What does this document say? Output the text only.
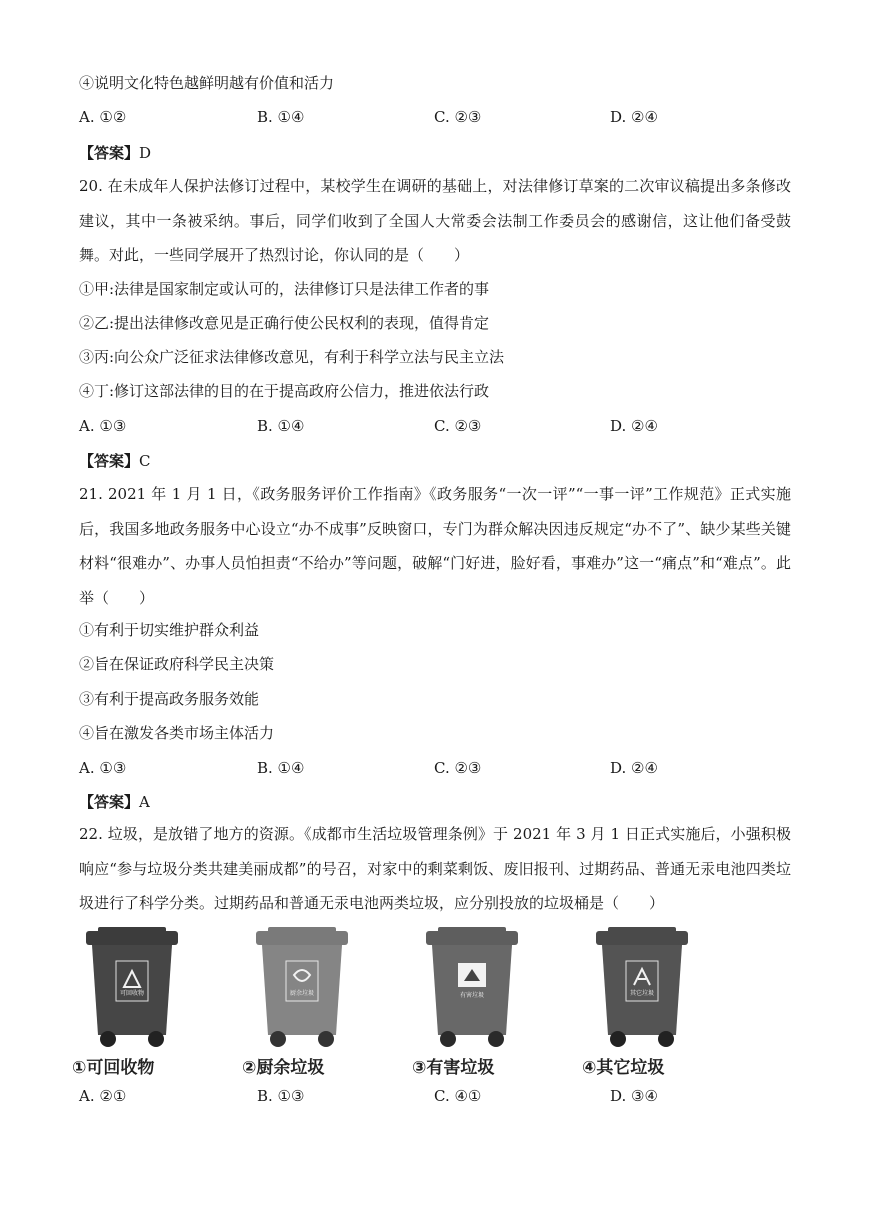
④说明文化特色越鲜明越有价值和活力
A. ①②	B. ①④	C. ②③	D. ②④
【答案】D
20. 在未成年人保护法修订过程中，某校学生在调研的基础上，对法律修订草案的二次审议稿提出多条修改建议，其中一条被采纳。事后，同学们收到了全国人大常委会法制工作委员会的感谢信，这让他们备受鼓舞。对此，一些同学展开了热烈讨论，你认同的是（　　）
①甲:法律是国家制定或认可的，法律修订只是法律工作者的事
②乙:提出法律修改意见是正确行使公民权利的表现，值得肯定
③丙:向公众广泛征求法律修改意见，有利于科学立法与民主立法
④丁:修订这部法律的目的在于提高政府公信力，推进依法行政
A. ①③	B. ①④	C. ②③	D. ②④
【答案】C
21. 2021 年 1 月 1 日，《政务服务评价工作指南》《政务服务“一次一评”“一事一评”工作规范》正式实施后，我国多地政务服务中心设立“办不成事”反映窗口，专门为群众解决因违反规定“办不了”、缺少某些关键材料“很难办”、办事人员怕担责“不给办”等问题，破解“门好进，脸好看，事难办”这一“痛点”和“难点”。此举（　　）
①有利于切实维护群众利益
②旨在保证政府科学民主决策
③有利于提高政务服务效能
④旨在激发各类市场主体活力
A. ①③	B. ①④	C. ②③	D. ②④
【答案】A
22. 垃圾，是放错了地方的资源。《成都市生活垃圾管理条例》于 2021 年 3 月 1 日正式实施后，小强积极响应“参与垃圾分类共建美丽成都”的号召，对家中的剩菜剩饭、废旧报刊、过期药品、普通无汞电池四类垃圾进行了科学分类。过期药品和普通无汞电池两类垃圾，应分别投放的垃圾桶是（　　）
可回收物
①可回收物
厨余垃圾
②厨余垃圾
有害垃圾
③有害垃圾
其它垃圾
④其它垃圾
A. ②①	B. ①③	C. ④①	D. ③④
